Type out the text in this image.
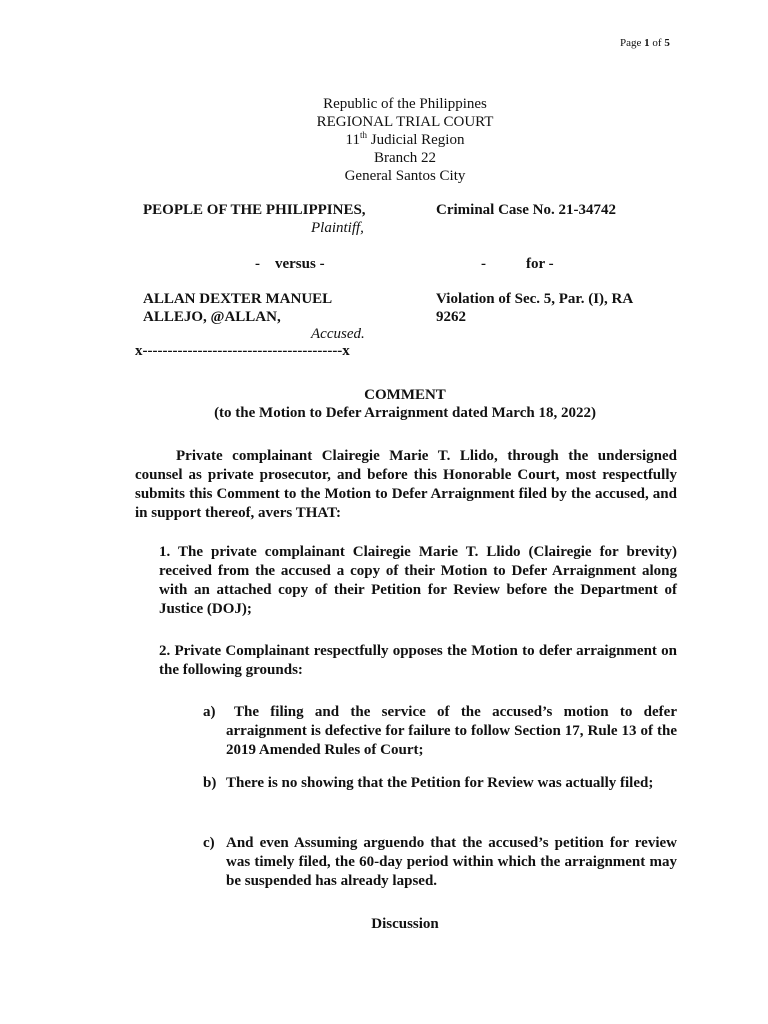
Page 1 of 5
Republic of the Philippines
REGIONAL TRIAL COURT
11th Judicial Region
Branch 22
General Santos City
PEOPLE OF THE PHILIPPINES,
Plaintiff,
-    versus -
ALLAN DEXTER MANUEL
ALLEJO, @ALLAN,
Accused.
x----------------------------------------x
Criminal Case No. 21-34742
-	for -
Violation of Sec. 5, Par. (I), RA
9262
COMMENT
(to the Motion to Defer Arraignment dated March 18, 2022)
Private complainant Clairegie Marie T. Llido, through the undersigned counsel as private prosecutor, and before this Honorable Court, most respectfully submits this Comment to the Motion to Defer Arraignment filed by the accused, and in support thereof, avers THAT:
1. The private complainant Clairegie Marie T. Llido (Clairegie for brevity) received from the accused a copy of their Motion to Defer Arraignment along with an attached copy of their Petition for Review before the Department of Justice (DOJ);
2. Private Complainant respectfully opposes the Motion to defer arraignment on the following grounds:
a)	The filing and the service of the accused’s motion to defer arraignment is defective for failure to follow Section 17, Rule 13 of the 2019 Amended Rules of Court;
b) There is no showing that the Petition for Review was actually filed;
c) And even Assuming arguendo that the accused’s petition for review was timely filed, the 60-day period within which the arraignment may be suspended has already lapsed.
Discussion
